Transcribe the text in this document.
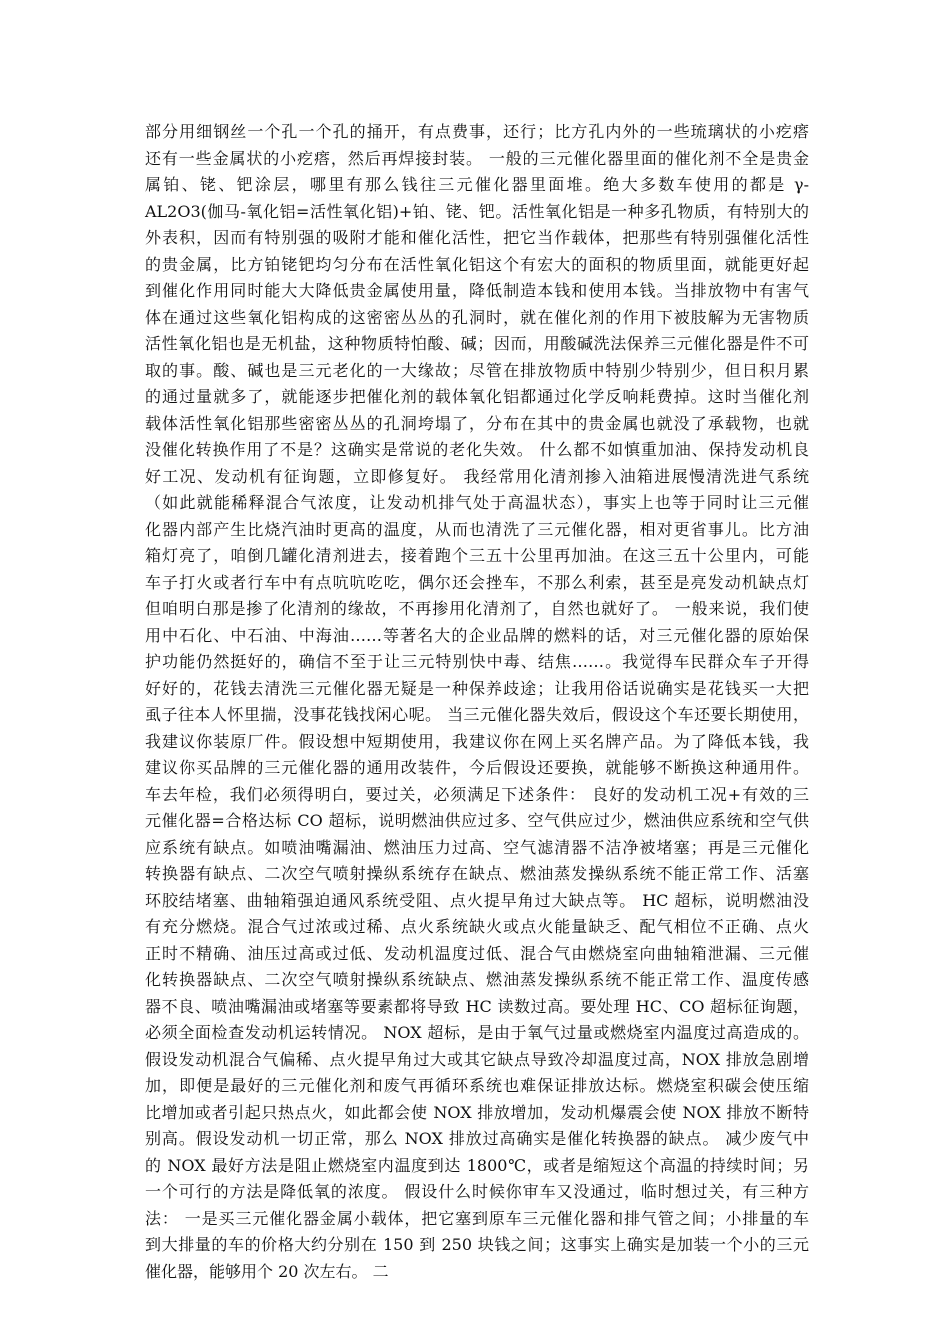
部分用细钢丝一个孔一个孔的捅开，有点费事，还行；比方孔内外的一些琉璃状的小疙瘩
还有一些金属状的小疙瘩，然后再焊接封装。 一般的三元催化器里面的催化剂不全是贵金
属铂、铑、钯涂层，哪里有那么钱往三元催化器里面堆。绝大多数车使用的都是 γ-
AL2O3(伽马-氧化铝=活性氧化铝)+铂、铑、钯。活性氧化铝是一种多孔物质，有特别大的
外表积，因而有特别强的吸附才能和催化活性，把它当作载体，把那些有特别强催化活性
的贵金属，比方铂铑钯均匀分布在活性氧化铝这个有宏大的面积的物质里面，就能更好起
到催化作用同时能大大降低贵金属使用量，降低制造本钱和使用本钱。当排放物中有害气
体在通过这些氧化铝构成的这密密丛丛的孔洞时，就在催化剂的作用下被肢解为无害物质
活性氧化铝也是无机盐，这种物质特怕酸、碱；因而，用酸碱洗法保养三元催化器是件不可
取的事。酸、碱也是三元老化的一大缘故；尽管在排放物质中特别少特别少，但日积月累
的通过量就多了，就能逐步把催化剂的载体氧化铝都通过化学反响耗费掉。这时当催化剂
载体活性氧化铝那些密密丛丛的孔洞垮塌了，分布在其中的贵金属也就没了承载物，也就
没催化转换作用了不是？这确实是常说的老化失效。 什么都不如慎重加油、保持发动机良
好工况、发动机有征询题，立即修复好。 我经常用化清剂掺入油箱进展慢清洗进气系统
（如此就能稀释混合气浓度，让发动机排气处于高温状态），事实上也等于同时让三元催
化器内部产生比烧汽油时更高的温度，从而也清洗了三元催化器，相对更省事儿。比方油
箱灯亮了，咱倒几罐化清剂进去，接着跑个三五十公里再加油。在这三五十公里内，可能
车子打火或者行车中有点吭吭吃吃，偶尔还会挫车，不那么利索，甚至是亮发动机缺点灯
但咱明白那是掺了化清剂的缘故，不再掺用化清剂了，自然也就好了。 一般来说，我们使
用中石化、中石油、中海油……等著名大的企业品牌的燃料的话，对三元催化器的原始保
护功能仍然挺好的，确信不至于让三元特别快中毒、结焦……。我觉得车民群众车子开得
好好的，花钱去清洗三元催化器无疑是一种保养歧途；让我用俗话说确实是花钱买一大把
虱子往本人怀里揣，没事花钱找闲心呢。 当三元催化器失效后，假设这个车还要长期使用，
我建议你装原厂件。假设想中短期使用，我建议你在网上买名牌产品。为了降低本钱，我
建议你买品牌的三元催化器的通用改装件，今后假设还要换，就能够不断换这种通用件。
车去年检，我们必须得明白，要过关，必须满足下述条件： 良好的发动机工况+有效的三
元催化器=合格达标 CO 超标，说明燃油供应过多、空气供应过少，燃油供应系统和空气供
应系统有缺点。如喷油嘴漏油、燃油压力过高、空气滤清器不洁净被堵塞；再是三元催化
转换器有缺点、二次空气喷射操纵系统存在缺点、燃油蒸发操纵系统不能正常工作、活塞
环胶结堵塞、曲轴箱强迫通风系统受阻、点火提早角过大缺点等。 HC 超标，说明燃油没
有充分燃烧。混合气过浓或过稀、点火系统缺火或点火能量缺乏、配气相位不正确、点火
正时不精确、油压过高或过低、发动机温度过低、混合气由燃烧室向曲轴箱泄漏、三元催
化转换器缺点、二次空气喷射操纵系统缺点、燃油蒸发操纵系统不能正常工作、温度传感
器不良、喷油嘴漏油或堵塞等要素都将导致 HC 读数过高。要处理 HC、CO 超标征询题，
必须全面检查发动机运转情况。 NOX 超标，是由于氧气过量或燃烧室内温度过高造成的。
假设发动机混合气偏稀、点火提早角过大或其它缺点导致冷却温度过高，NOX 排放急剧增
加，即便是最好的三元催化剂和废气再循环系统也难保证排放达标。燃烧室积碳会使压缩
比增加或者引起只热点火，如此都会使 NOX 排放增加，发动机爆震会使 NOX 排放不断特
别高。假设发动机一切正常，那么 NOX 排放过高确实是催化转换器的缺点。 减少废气中
的 NOX 最好方法是阻止燃烧室内温度到达 1800℃，或者是缩短这个高温的持续时间；另
一个可行的方法是降低氧的浓度。 假设什么时候你审车又没通过，临时想过关，有三种方
法： 一是买三元催化器金属小载体，把它塞到原车三元催化器和排气管之间；小排量的车
到大排量的车的价格大约分别在 150 到 250 块钱之间；这事实上确实是加装一个小的三元
催化器，能够用个 20 次左右。 二
